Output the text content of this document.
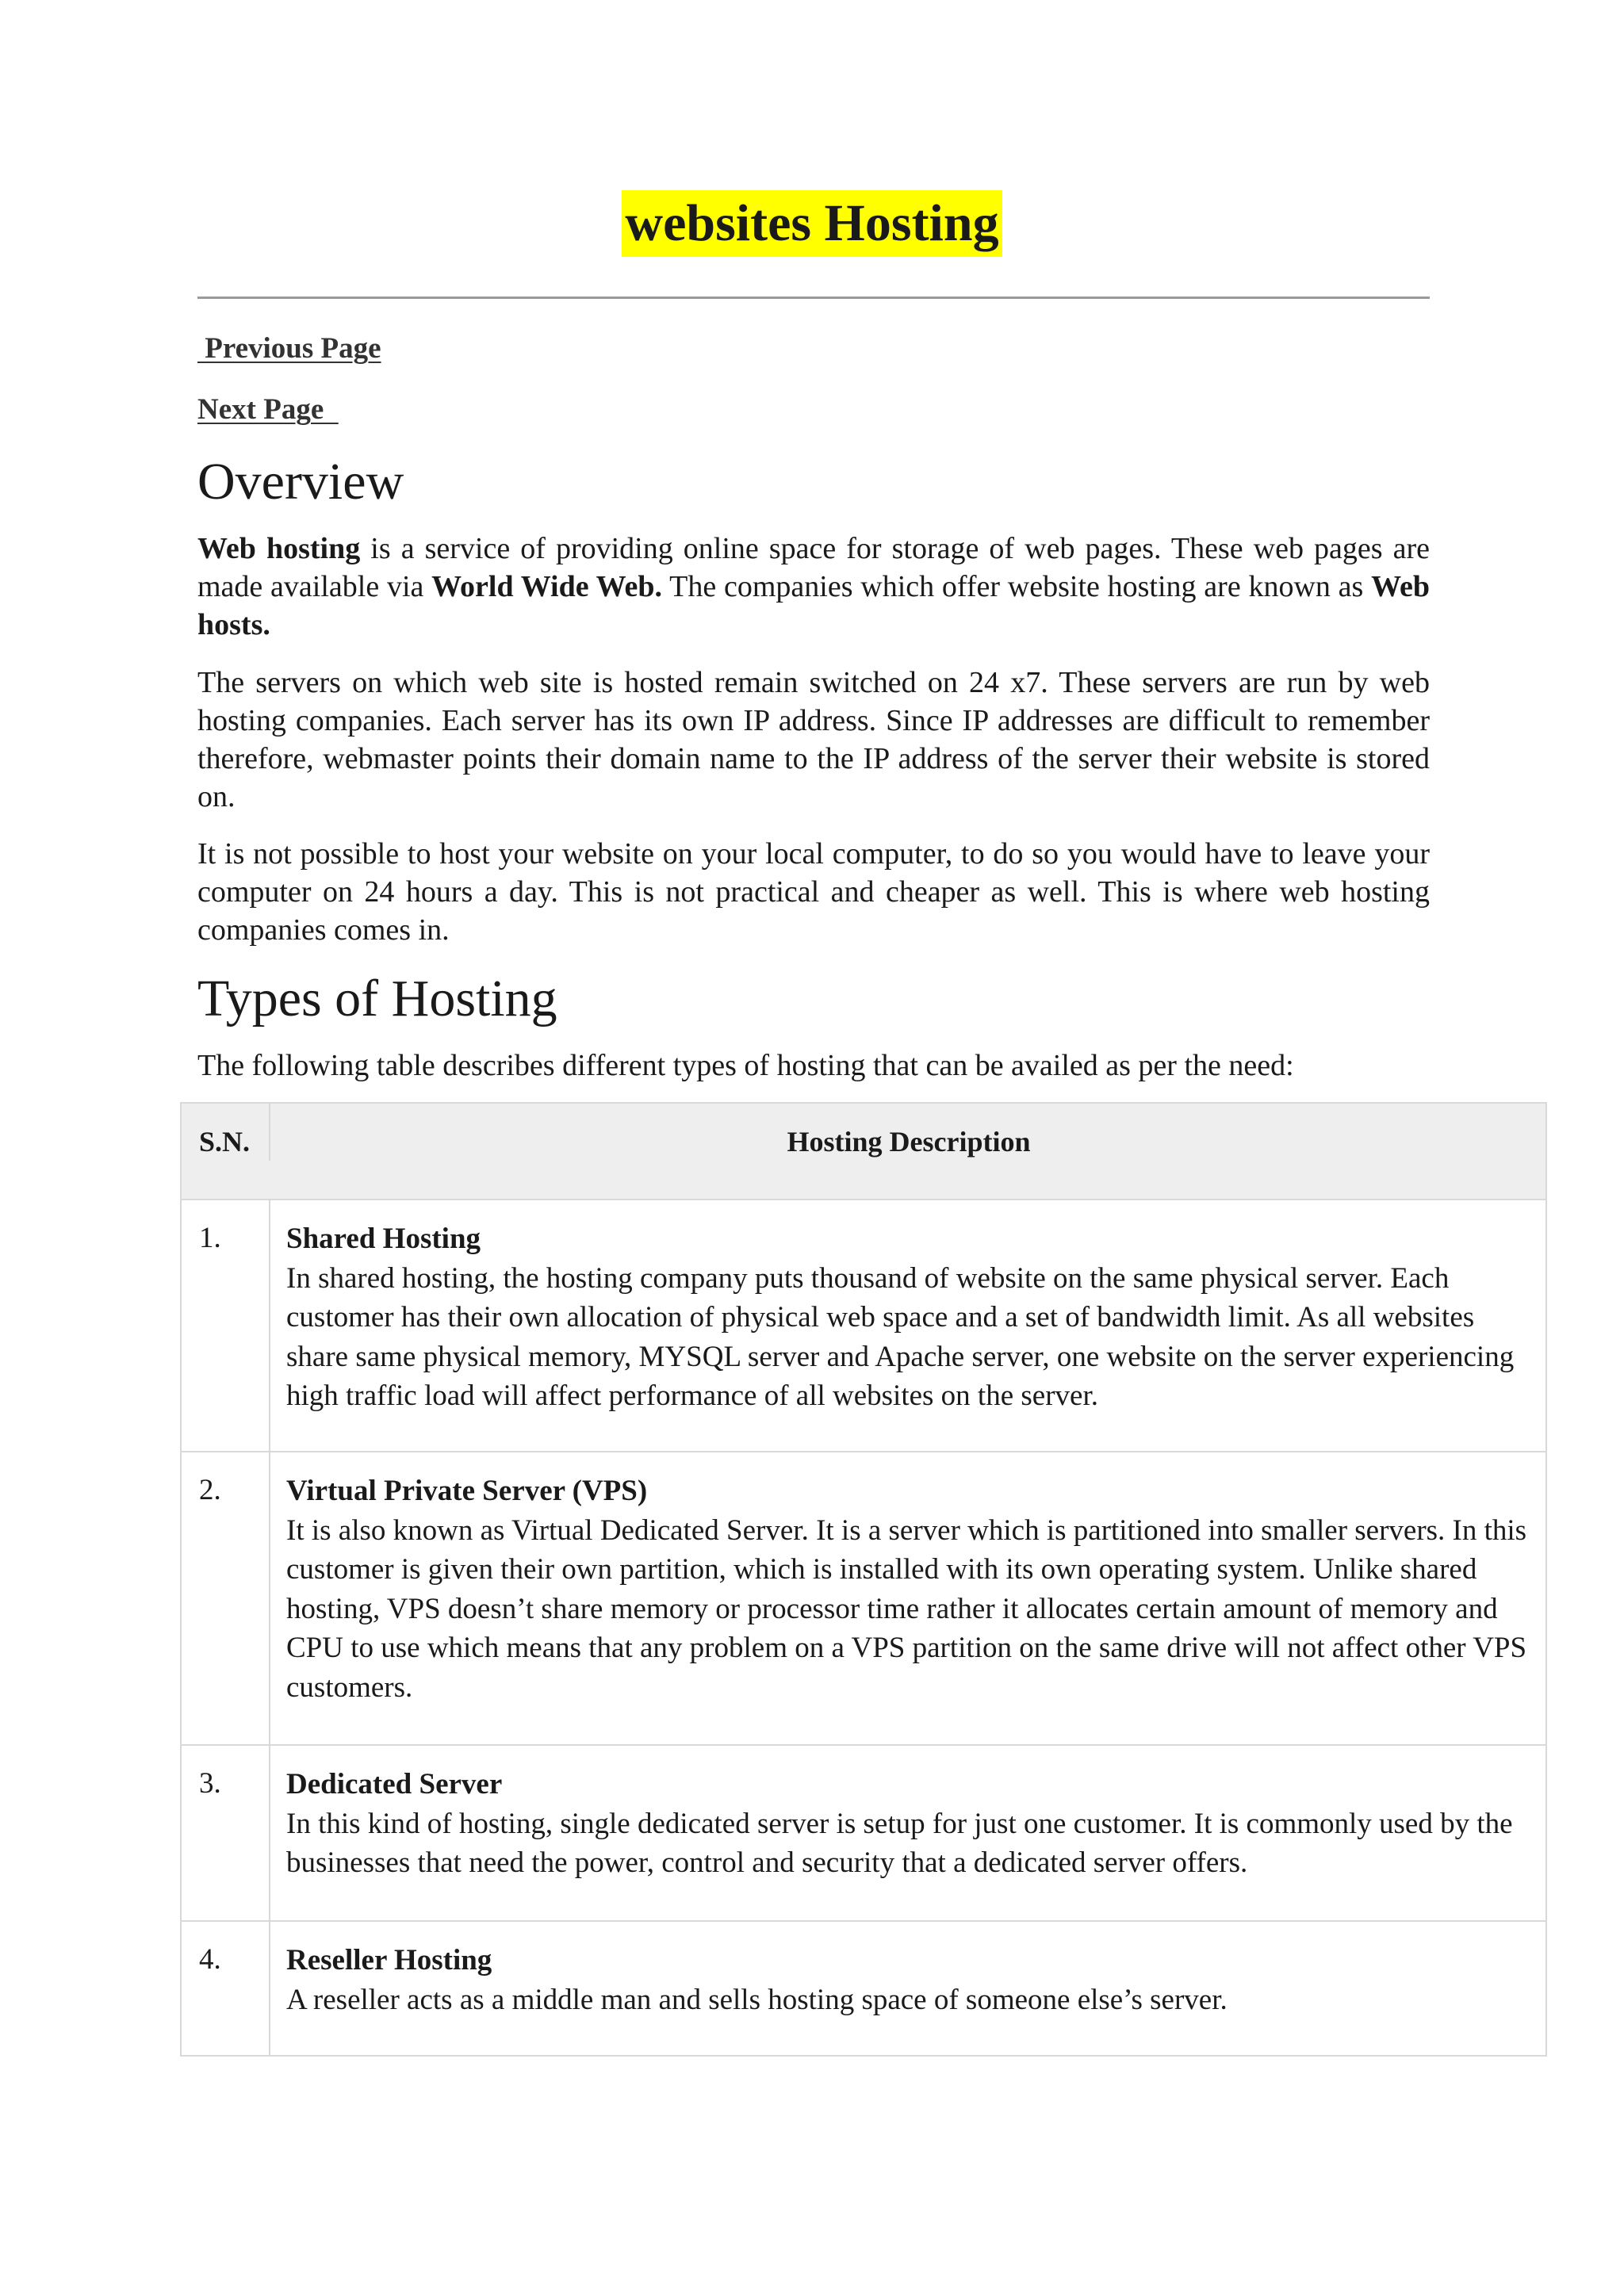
websites Hosting
Previous Page
Next Page
Overview

Web hosting is a service of providing online space for storage of web pages. These web pages are made available via World Wide Web. The companies which offer website hosting are known as Web hosts.

The servers on which web site is hosted remain switched on 24 x7. These servers are run by web hosting companies. Each server has its own IP address. Since IP addresses are difficult to remember therefore, webmaster points their domain name to the IP address of the server their website is stored on.

It is not possible to host your website on your local computer, to do so you would have to leave your computer on 24 hours a day. This is not practical and cheaper as well. This is where web hosting companies comes in.

Types of Hosting

The following table describes different types of hosting that can be availed as per the need:

S.N.	Hosting Description
1.	Shared Hosting
In shared hosting, the hosting company puts thousand of website on the same physical server. Each customer has their own allocation of physical web space and a set of bandwidth limit. As all websites share same physical memory, MYSQL server and Apache server, one website on the server experiencing high traffic load will affect performance of all websites on the server.
2.	Virtual Private Server (VPS)
It is also known as Virtual Dedicated Server. It is a server which is partitioned into smaller servers. In this customer is given their own partition, which is installed with its own operating system. Unlike shared hosting, VPS doesn’t share memory or processor time rather it allocates certain amount of memory and CPU to use which means that any problem on a VPS partition on the same drive will not affect other VPS customers.
3.	Dedicated Server
In this kind of hosting, single dedicated server is setup for just one customer. It is commonly used by the businesses that need the power, control and security that a dedicated server offers.
4.	Reseller Hosting
A reseller acts as a middle man and sells hosting space of someone else’s server.
